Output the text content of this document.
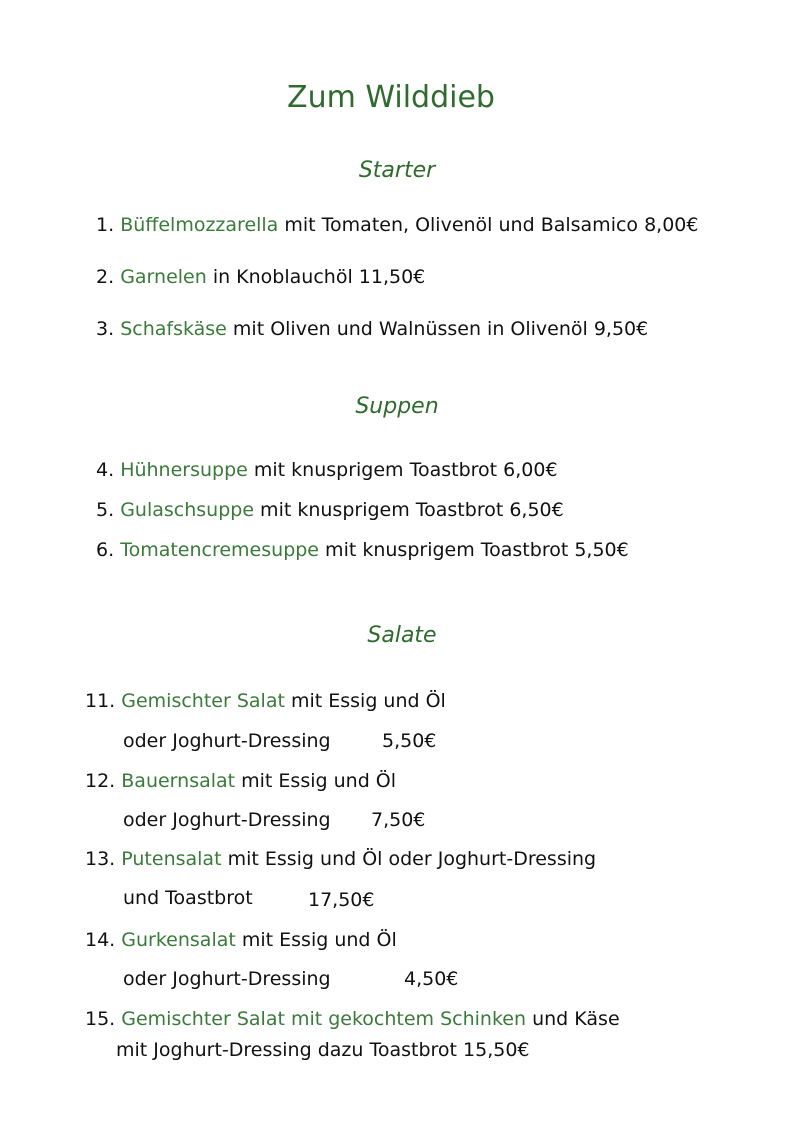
Zum Wilddieb
Starter
1. Büffelmozzarella mit Tomaten, Olivenöl und Balsamico 8,00€
2. Garnelen in Knoblauchöl 11,50€
3. Schafskäse mit Oliven und Walnüssen in Olivenöl 9,50€
Suppen
4. Hühnersuppe mit knusprigem Toastbrot 6,00€
5. Gulaschsuppe mit knusprigem Toastbrot 6,50€
6. Tomatencremesuppe mit knusprigem Toastbrot 5,50€
Salate
11. Gemischter Salat mit Essig und Öl
oder Joghurt-Dressing	5,50€
12. Bauernsalat mit Essig und Öl
oder Joghurt-Dressing 7,50€
13. Putensalat mit Essig und Öl oder Joghurt-Dressing
und Toastbrot	17,50€
14. Gurkensalat mit Essig und Öl
oder Joghurt-Dressing	4,50€
15. Gemischter Salat mit gekochtem Schinken und Käse
mit Joghurt-Dressing dazu Toastbrot 15,50€
